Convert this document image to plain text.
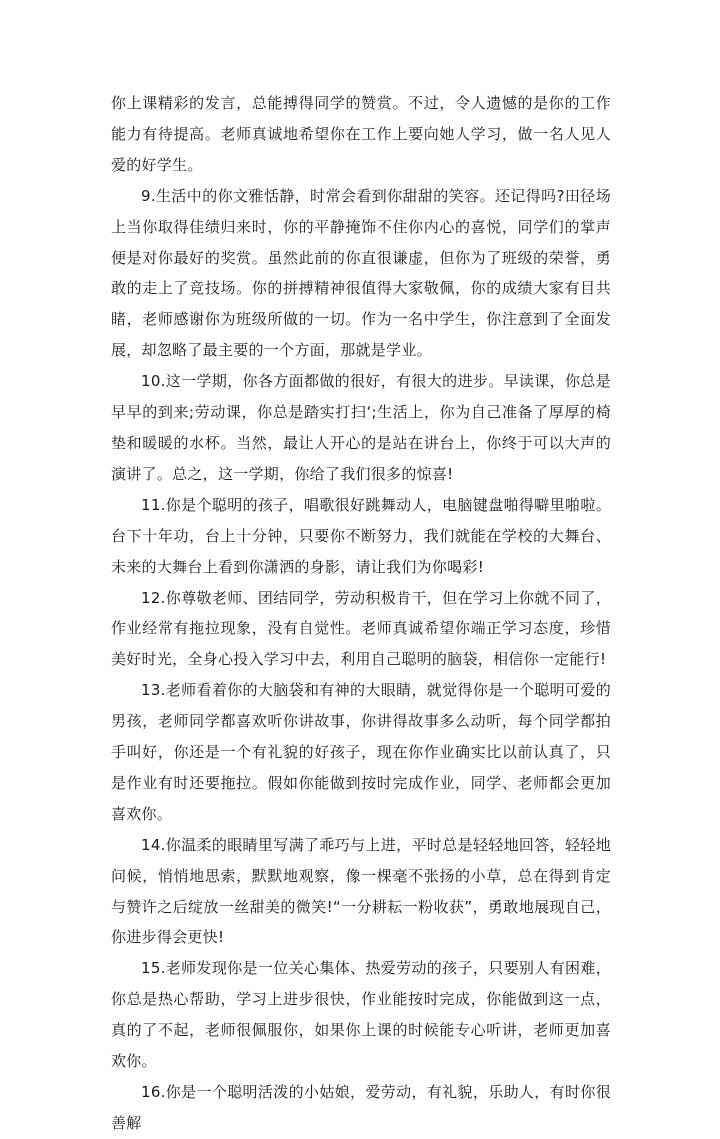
你上课精彩的发言，总能搏得同学的赞赏。不过，令人遗憾的是你的工作能力有待提高。老师真诚地希望你在工作上要向她人学习，做一名人见人爱的好学生。

9.生活中的你文雅恬静，时常会看到你甜甜的笑容。还记得吗?田径场上当你取得佳绩归来时，你的平静掩饰不住你内心的喜悦，同学们的掌声便是对你最好的奖赏。虽然此前的你直很谦虚，但你为了班级的荣誉，勇敢的走上了竞技场。你的拼搏精神很值得大家敬佩，你的成绩大家有目共睹，老师感谢你为班级所做的一切。作为一名中学生，你注意到了全面发展，却忽略了最主要的一个方面，那就是学业。

10.这一学期，你各方面都做的很好，有很大的进步。早读课，你总是早早的到来;劳动课，你总是踏实打扫‘;生活上，你为自己准备了厚厚的椅垫和暖暖的水杯。当然，最让人开心的是站在讲台上，你终于可以大声的演讲了。总之，这一学期，你给了我们很多的惊喜!

11.你是个聪明的孩子，唱歌很好跳舞动人，电脑键盘啪得噼里啪啦。台下十年功，台上十分钟，只要你不断努力，我们就能在学校的大舞台、未来的大舞台上看到你潇洒的身影，请让我们为你喝彩!

12.你尊敬老师、团结同学，劳动积极肯干，但在学习上你就不同了，作业经常有拖拉现象，没有自觉性。老师真诚希望你端正学习态度，珍惜美好时光，全身心投入学习中去，利用自己聪明的脑袋，相信你一定能行!

13.老师看着你的大脑袋和有神的大眼睛，就觉得你是一个聪明可爱的男孩，老师同学都喜欢听你讲故事，你讲得故事多么动听，每个同学都拍手叫好，你还是一个有礼貌的好孩子，现在你作业确实比以前认真了，只是作业有时还要拖拉。假如你能做到按时完成作业，同学、老师都会更加喜欢你。

14.你温柔的眼睛里写满了乖巧与上进，平时总是轻轻地回答，轻轻地问候，悄悄地思索，默默地观察，像一棵毫不张扬的小草，总在得到肯定与赞许之后绽放一丝甜美的微笑!“一分耕耘一粉收获”，勇敢地展现自己，你进步得会更快!

15.老师发现你是一位关心集体、热爱劳动的孩子，只要别人有困难，你总是热心帮助，学习上进步很快，作业能按时完成，你能做到这一点，真的了不起，老师很佩服你，如果你上课的时候能专心听讲，老师更加喜欢你。

16.你是一个聪明活泼的小姑娘，爱劳动，有礼貌，乐助人，有时你很善解
